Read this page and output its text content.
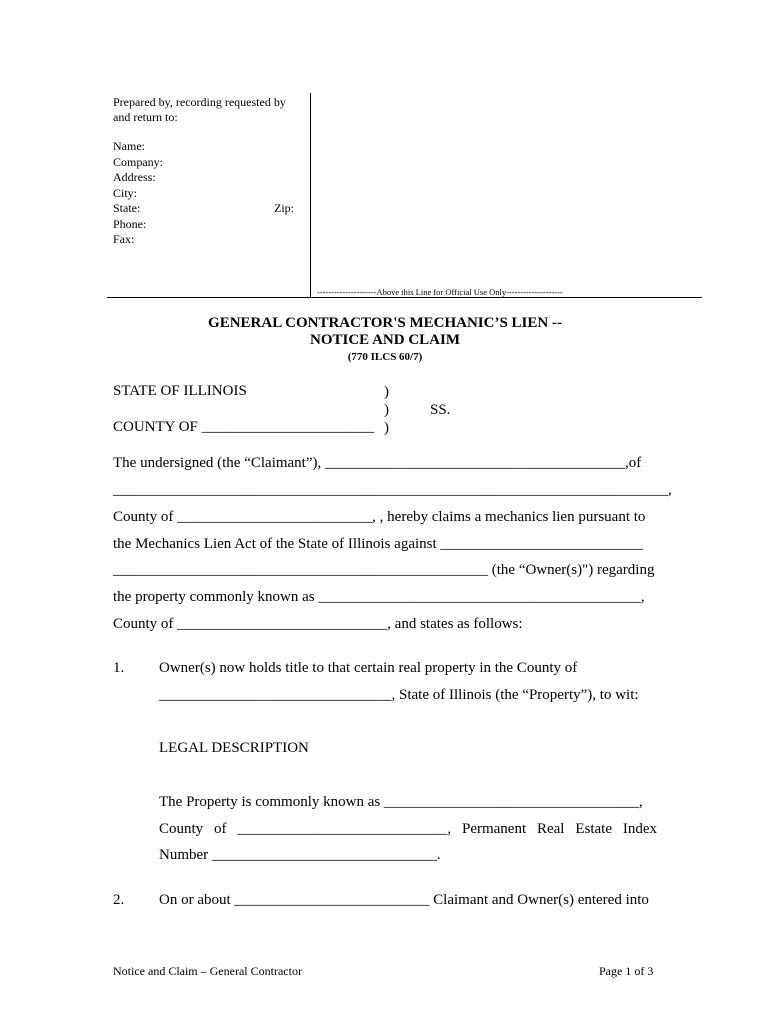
Prepared by, recording requested by
and return to:
Name:
Company:
Address:
City:
State:	Zip:
Phone:
Fax:
---------------------Above this Line for Official Use Only--------------------
GENERAL CONTRACTOR'S MECHANIC’S LIEN --
NOTICE AND CLAIM
(770 ILCS 60/7)
STATE OF ILLINOIS
COUNTY OF _______________________
)
)
)
SS.
The undersigned (the “Claimant”), ________________________________________,of
__________________________________________________________________________,
County of __________________________, , hereby claims a mechanics lien pursuant to
the Mechanics Lien Act of the State of Illinois against ___________________________
__________________________________________________ (the “Owner(s)") regarding
the property commonly known as ___________________________________________,
County of ____________________________, and states as follows:
1. Owner(s) now holds title to that certain real property in the County of
_______________________________, State of Illinois (the “Property”), to wit:
LEGAL DESCRIPTION
The Property is commonly known as __________________________________,
County of ____________________________, Permanent Real Estate Index
Number ______________________________.
2. On or about __________________________ Claimant and Owner(s) entered into
Notice and Claim – General Contractor	Page 1 of 3
